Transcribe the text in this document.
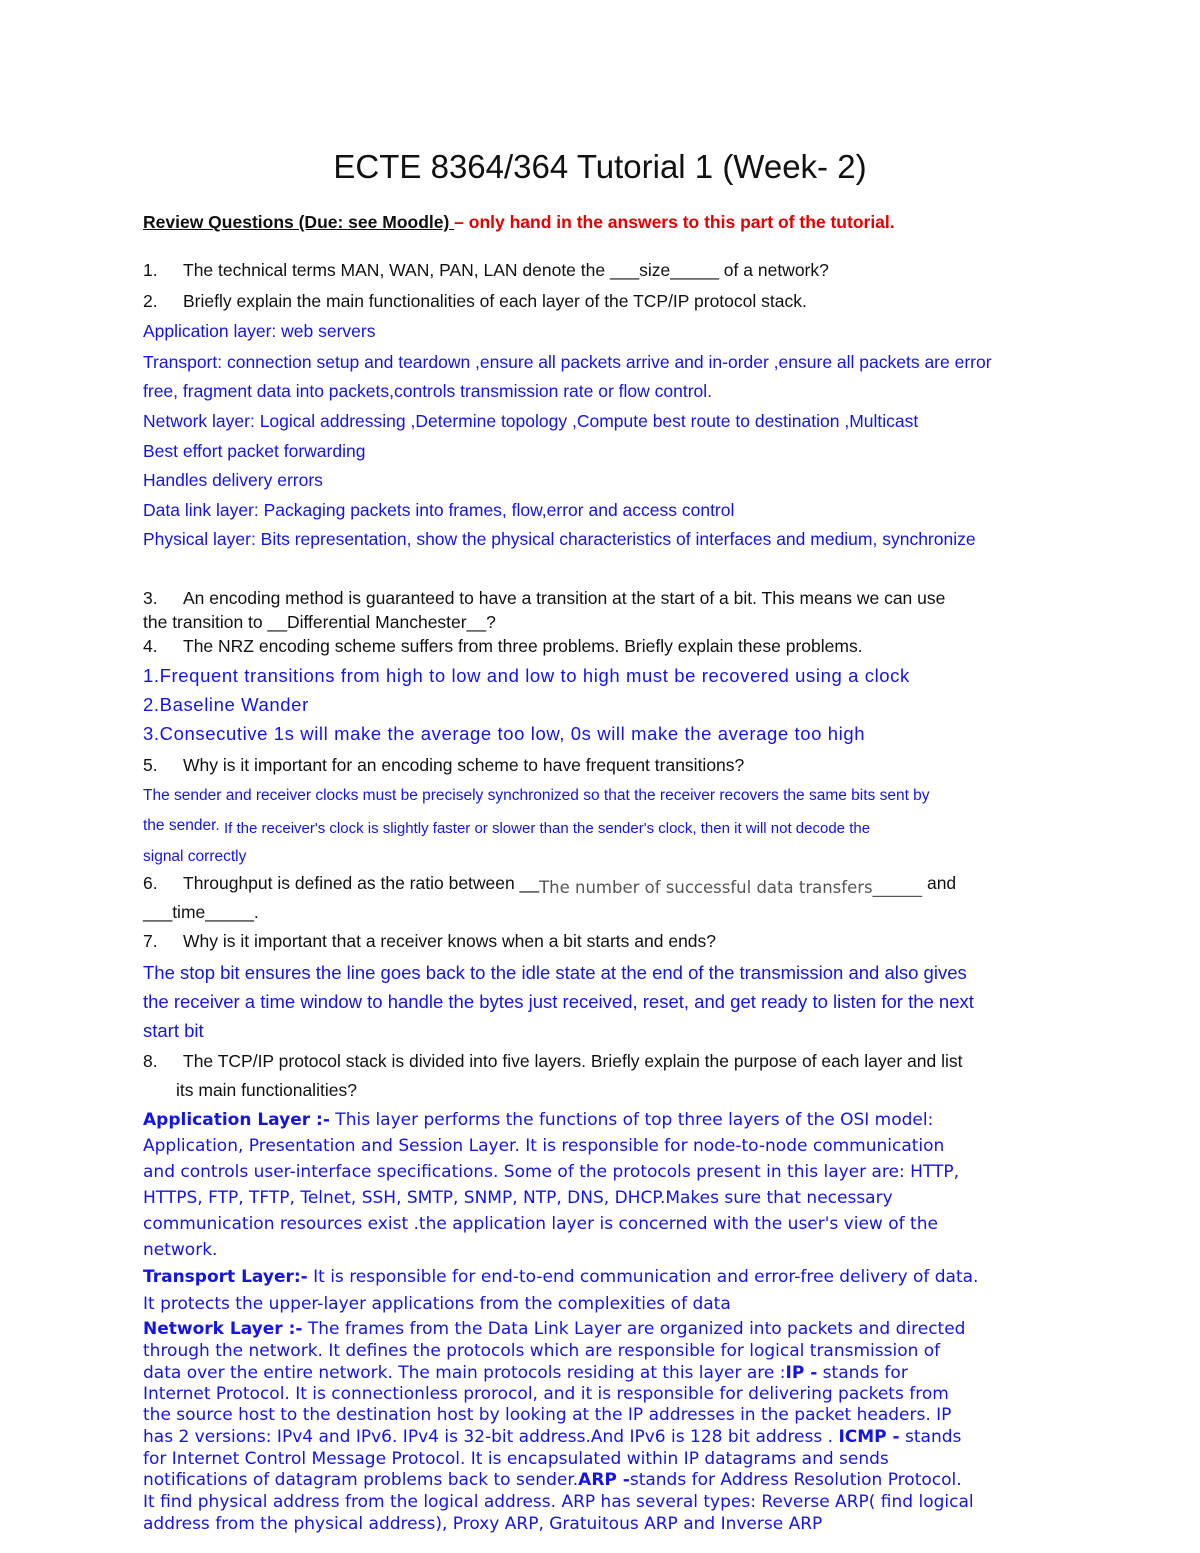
ECTE 8364/364 Tutorial 1 (Week- 2)
Review Questions (Due: see Moodle) – only hand in the answers to this part of the tutorial.
1. The technical terms MAN, WAN, PAN, LAN denote the ___size_____ of a network?
2. Briefly explain the main functionalities of each layer of the TCP/IP protocol stack.
Application layer: web servers
Transport: connection setup and teardown ,ensure all packets arrive and in-order ,ensure all packets are error
free, fragment data into packets,controls transmission rate or flow control.
Network layer: Logical addressing ,Determine topology ,Compute best route to destination ,Multicast
Best effort packet forwarding
Handles delivery errors
Data link layer: Packaging packets into frames, flow,error and access control
Physical layer: Bits representation, show the physical characteristics of interfaces and medium, synchronize
3. An encoding method is guaranteed to have a transition at the start of a bit. This means we can use
the transition to __Differential Manchester__?
4. The NRZ encoding scheme suffers from three problems. Briefly explain these problems.
1.Frequent transitions from high to low and low to high must be recovered using a clock
2.Baseline Wander
3.Consecutive 1s will make the average too low, 0s will make the average too high
5. Why is it important for an encoding scheme to have frequent transitions?
The sender and receiver clocks must be precisely synchronized so that the receiver recovers the same bits sent by
the sender. If the receiver's clock is slightly faster or slower than the sender's clock, then it will not decode the
signal correctly
6. Throughput is defined as the ratio between __The number of successful data transfers______ and
___time_____.
7. Why is it important that a receiver knows when a bit starts and ends?
The stop bit ensures the line goes back to the idle state at the end of the transmission and also gives
the receiver a time window to handle the bytes just received, reset, and get ready to listen for the next
start bit
8. The TCP/IP protocol stack is divided into five layers. Briefly explain the purpose of each layer and list
its main functionalities?
Application Layer :- This layer performs the functions of top three layers of the OSI model:
Application, Presentation and Session Layer. It is responsible for node-to-node communication
and controls user-interface specifications. Some of the protocols present in this layer are: HTTP,
HTTPS, FTP, TFTP, Telnet, SSH, SMTP, SNMP, NTP, DNS, DHCP.Makes sure that necessary
communication resources exist .the application layer is concerned with the user's view of the
network.
Transport Layer:- It is responsible for end-to-end communication and error-free delivery of data.
It protects the upper-layer applications from the complexities of data
Network Layer :- The frames from the Data Link Layer are organized into packets and directed
through the network. It defines the protocols which are responsible for logical transmission of
data over the entire network. The main protocols residing at this layer are :IP - stands for
Internet Protocol. It is connectionless prorocol, and it is responsible for delivering packets from
the source host to the destination host by looking at the IP addresses in the packet headers. IP
has 2 versions: IPv4 and IPv6. IPv4 is 32-bit address.And IPv6 is 128 bit address . ICMP - stands
for Internet Control Message Protocol. It is encapsulated within IP datagrams and sends
notifications of datagram problems back to sender.ARP -stands for Address Resolution Protocol.
It find physical address from the logical address. ARP has several types: Reverse ARP( find logical
address from the physical address), Proxy ARP, Gratuitous ARP and Inverse ARP
